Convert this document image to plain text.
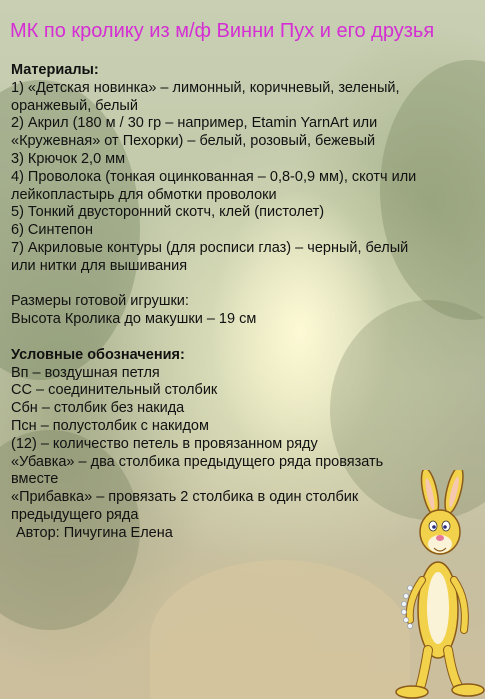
МК по кролику из м/ф Винни Пух и его друзья
Материалы:
1) «Детская новинка» – лимонный, коричневый, зеленый,
оранжевый, белый
2) Акрил (180 м / 30 гр – например, Etamin YarnArt или
«Кружевная» от Пехорки) – белый, розовый, бежевый
3) Крючок 2,0 мм
4) Проволока (тонкая оцинкованная – 0,8-0,9 мм), скотч или
лейкопластырь для обмотки проволоки
5) Тонкий двусторонний скотч, клей (пистолет)
6) Синтепон
7) Акриловые контуры (для росписи глаз) – черный, белый
или нитки для вышивания
Размеры готовой игрушки:
Высота Кролика до макушки – 19 см
Условные обозначения:
Вп – воздушная петля
СС – соединительный столбик
Сбн – столбик без накида
Псн – полустолбик с накидом
(12) – количество петель в провязанном ряду
«Убавка» – два столбика предыдущего ряда провязать
вместе
«Прибавка» – провязать 2 столбика в один столбик
предыдущего ряда
Автор: Пичугина Елена
